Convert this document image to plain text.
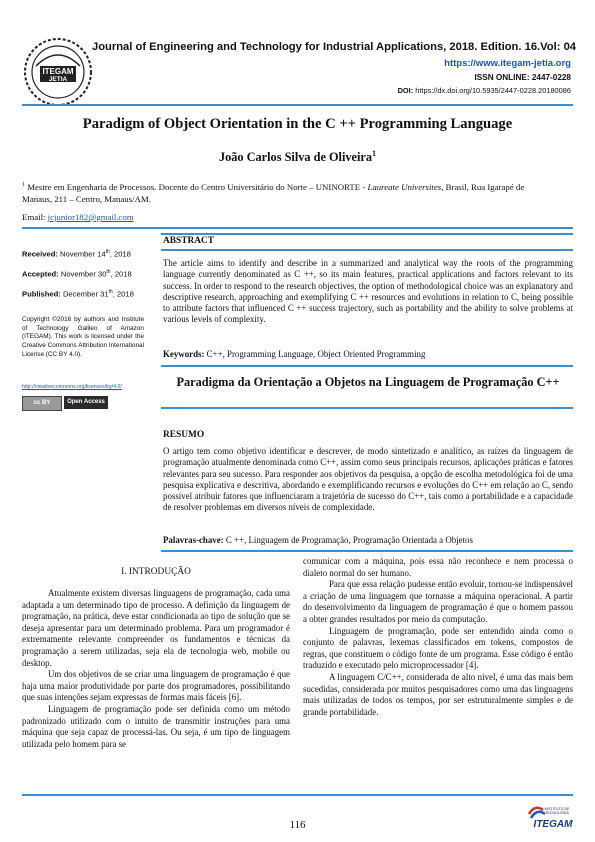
ITEGAM
JETIA
Journal of Engineering and Technology for Industrial Applications, 2018. Edition. 16.Vol: 04
https://www.itegam-jetia.org
ISSN ONLINE: 2447-0228
DOI: https://dx.doi.org/10.5935/2447-0228.20180086
Paradigm of Object Orientation in the C ++ Programming Language
João Carlos Silva de Oliveira$^1$
$^1$ Mestre em Engenharia de Processos. Docente do Centro Universitário do Norte – UNINORTE - Laureate Universites, Brasil, Rua Igarapé de Manaus, 211 – Centro, Manaus/AM.
Email: jcjunior182@gmail.com
Received: November 14th, 2018
Accepted: November 30th, 2018
Published: December 31th, 2018
Copyright ©2016 by authors and Institute of Technology Galileo of Amazon (ITEGAM). This work is licensed under the Creative Commons Attribution International License (CC BY 4.0).
http://creativecommons.org/licenses/by/4.0/
cc BY	Open Access
ABSTRACT
The article aims to identify and describe in a summarized and analytical way the roots of the programming language currently denominated as C ++, so its main features, practical applications and factors relevant to its success. In order to respond to the research objectives, the option of methodological choice was an explanatory and descriptive research, approaching and exemplifying C ++ resources and evolutions in relation to C, being possible to attribute factors that influenced C ++ success trajectory, such as portability and the ability to solve problems at various levels of complexity.
Keywords: C++, Programming Language, Object Oriented Programming
Paradigma da Orientação a Objetos na Linguagem de Programação C++
RESUMO
O artigo tem como objetivo identificar e descrever, de modo sintetizado e analítico, as raízes da linguagem de programação atualmente denominada como C++, assim como seus principais recursos, aplicações práticas e fatores relevantes para seu sucesso. Para responder aos objetivos da pesquisa, a opção de escolha metodológica foi de uma pesquisa explicativa e descritiva, abordando e exemplificando recursos e evoluções do C++ em relação ao C, sendo possível atribuir fatores que influenciaram a trajetória de sucesso do C++, tais como a portabilidade e a capacidade de resolver problemas em diversos níveis de complexidade.
Palavras-chave: C ++, Linguagem de Programação, Programação Orientada a Objetos
I. INTRODUÇÃO

Atualmente existem diversas linguagens de programação, cada uma adaptada a um determinado tipo de processo. A definição da linguagem de programação, na prática, deve estar condicionada ao tipo de solução que se deseja apresentar para um determinado problema. Para um programador é extremamente relevante compreender os fundamentos e técnicas da programação a serem utilizadas, seja ela de tecnologia web, mobile ou desktop.

Um dos objetivos de se criar uma linguagem de programação é que haja uma maior produtividade por parte dos programadores, possibilitando que suas intenções sejam expressas de formas mais fáceis [6].

Linguagem de programação pode ser definida como um método padronizado utilizado com o intuito de transmitir instruções para uma máquina que seja capaz de processá-las. Ou seja, é um tipo de linguagem utilizada pelo homem para se

comunicar com a máquina, pois essa não reconhece e nem processa o dialeto normal do ser humano.

Para que essa relação pudesse então evoluir, tornou-se indispensável a criação de uma linguagem que tornasse a máquina operacional. A partir do desenvolvimento da linguagem de programação é que o homem passou a obter grandes resultados por meio da computação.

Linguagem de programação, pode ser entendido ainda como o conjunto de palavras, lexemas classificados em tokens, compostos de regras, que constituem o código fonte de um programa. Esse código é então traduzido e executado pelo microprocessador [4].

A linguagem C/C++, considerada de alto nível, é uma das mais bem sucedidas, considerada por muitos pesquisadores como uma das linguagens mais utilizadas de todos os tempos, por ser estruturalmente simples e de grande portabilidade.

116
INSTITUTO DE
TECNOLOGIA
ITEGAM
